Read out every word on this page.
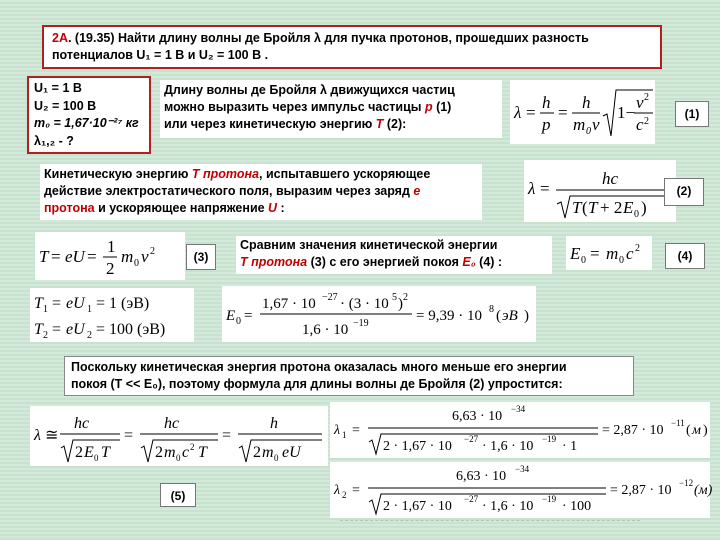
2А. (19.35) Найти длину волны де Бройля λ для пучка протонов, прошедших разность
потенциалов U₁ = 1 В и U₂ = 100 В .
U₁ = 1 В
U₂ = 100 В
m₀ = 1,67·10⁻²⁷ кг
λ₁,₂ - ?
Длину волны де Бройля λ движущихся частиц
можно выразить через импульс частицы p (1)
или через кинетическую энергию T (2):
λ =
h
p
=
h
m 0 v
1−
v 2
c 2
(1)
Кинетическую энергию T протона, испытавшего ускоряющее
действие электростатического поля, выразим через заряд e
протона и ускоряющее напряжение U :
λ =
hc
T ( T + 2 E 0 )
(2)
T = eU =
1
2
m 0 v 2	(3)
Сравним значения кинетической энергии
T протона (3) с его энергией покоя E₀ (4) :	E 0 = m 0 c 2
(4)
T 1 = eU 1 = 1 (эВ)
T 2 = eU 2 = 100 (эВ)
E 0 =
1,67 · 10 −27 · (3 · 10 5 ) 2
1,6 · 10 −19	= 9,39 · 10 8 ( эВ )
Поскольку кинетическая энергия протона оказалась много меньше его энергии
покоя (T << E₀), поэтому формула для длины волны де Бройля (2) упростится:
λ ≅
hc
2 E 0 T
=
hc
2 m 0 c 2 T
=
h
2 m 0 eU
(5)
λ 1 =
6,63 · 10 −34
2 · 1,67 · 10 −27 · 1,6 · 10 −19 · 1
= 2,87 · 10 −11 ( м )
λ 2 =
6,63 · 10 −34
2 · 1,67 · 10 −27 · 1,6 · 10 −19 · 100
= 2,87 · 10 −12 (м)
